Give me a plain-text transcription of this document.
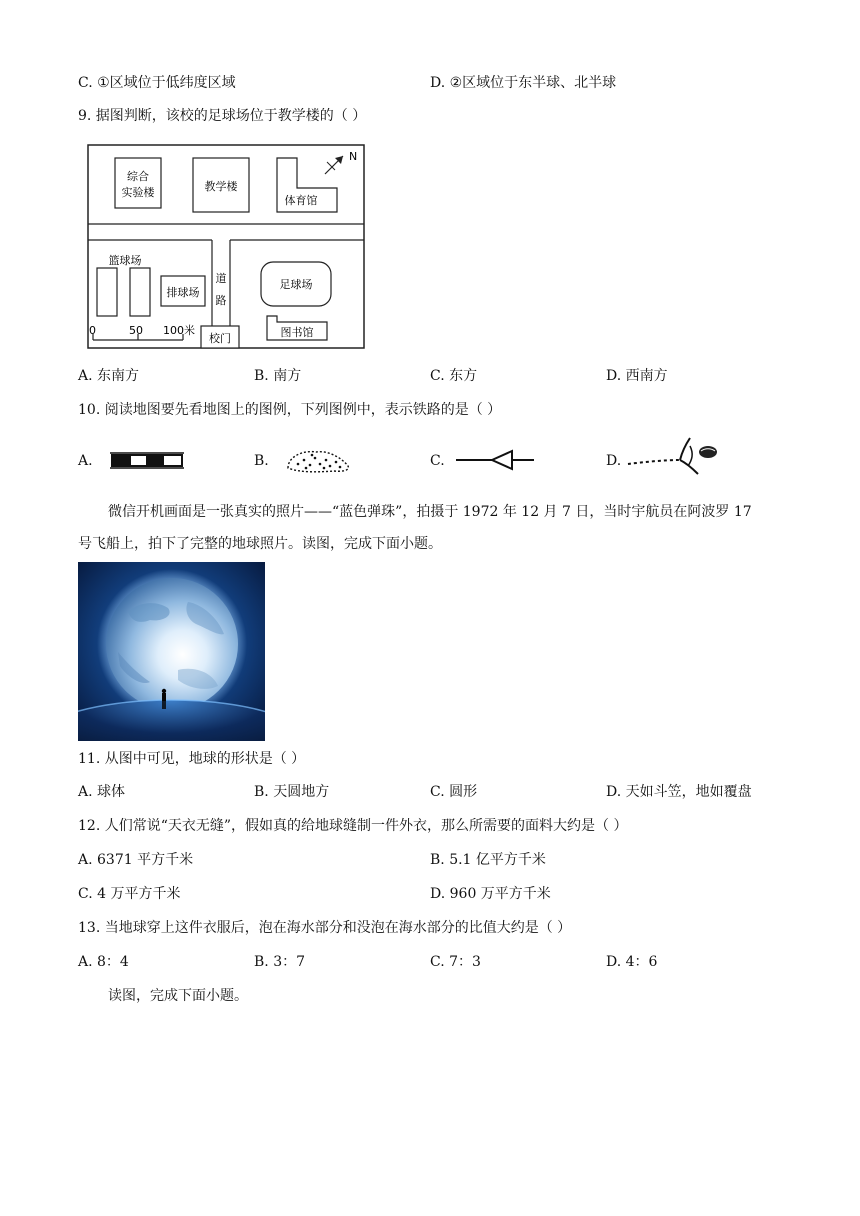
C. ①区域位于低纬度区域	D. ②区域位于东半球、北半球
9. 据图判断，该校的足球场位于教学楼的（ ）
综合
实验楼	教学楼
体育馆
N
篮球场
排球场
道
路
足球场
图书馆
校门
0	50 100米
A. 东南方	B. 南方	C. 东方	D. 西南方
10. 阅读地图要先看地图上的图例，下列图例中，表示铁路的是（ ）
A.	B.	C.	D.
微信开机画面是一张真实的照片——“蓝色弹珠”，拍摄于 1972 年 12 月 7 日，当时宇航员在阿波罗 17
号飞船上，拍下了完整的地球照片。读图，完成下面小题。
11. 从图中可见，地球的形状是（ ）
A. 球体	B. 天圆地方	C. 圆形	D. 天如斗笠，地如覆盘
12. 人们常说“天衣无缝”，假如真的给地球缝制一件外衣，那么所需要的面料大约是（ ）
A. 6371 平方千米	B. 5.1 亿平方千米
C. 4 万平方千米	D. 960 万平方千米
13. 当地球穿上这件衣服后，泡在海水部分和没泡在海水部分的比值大约是（ ）
A. 8：4	B. 3：7	C. 7：3	D. 4：6
读图，完成下面小题。
